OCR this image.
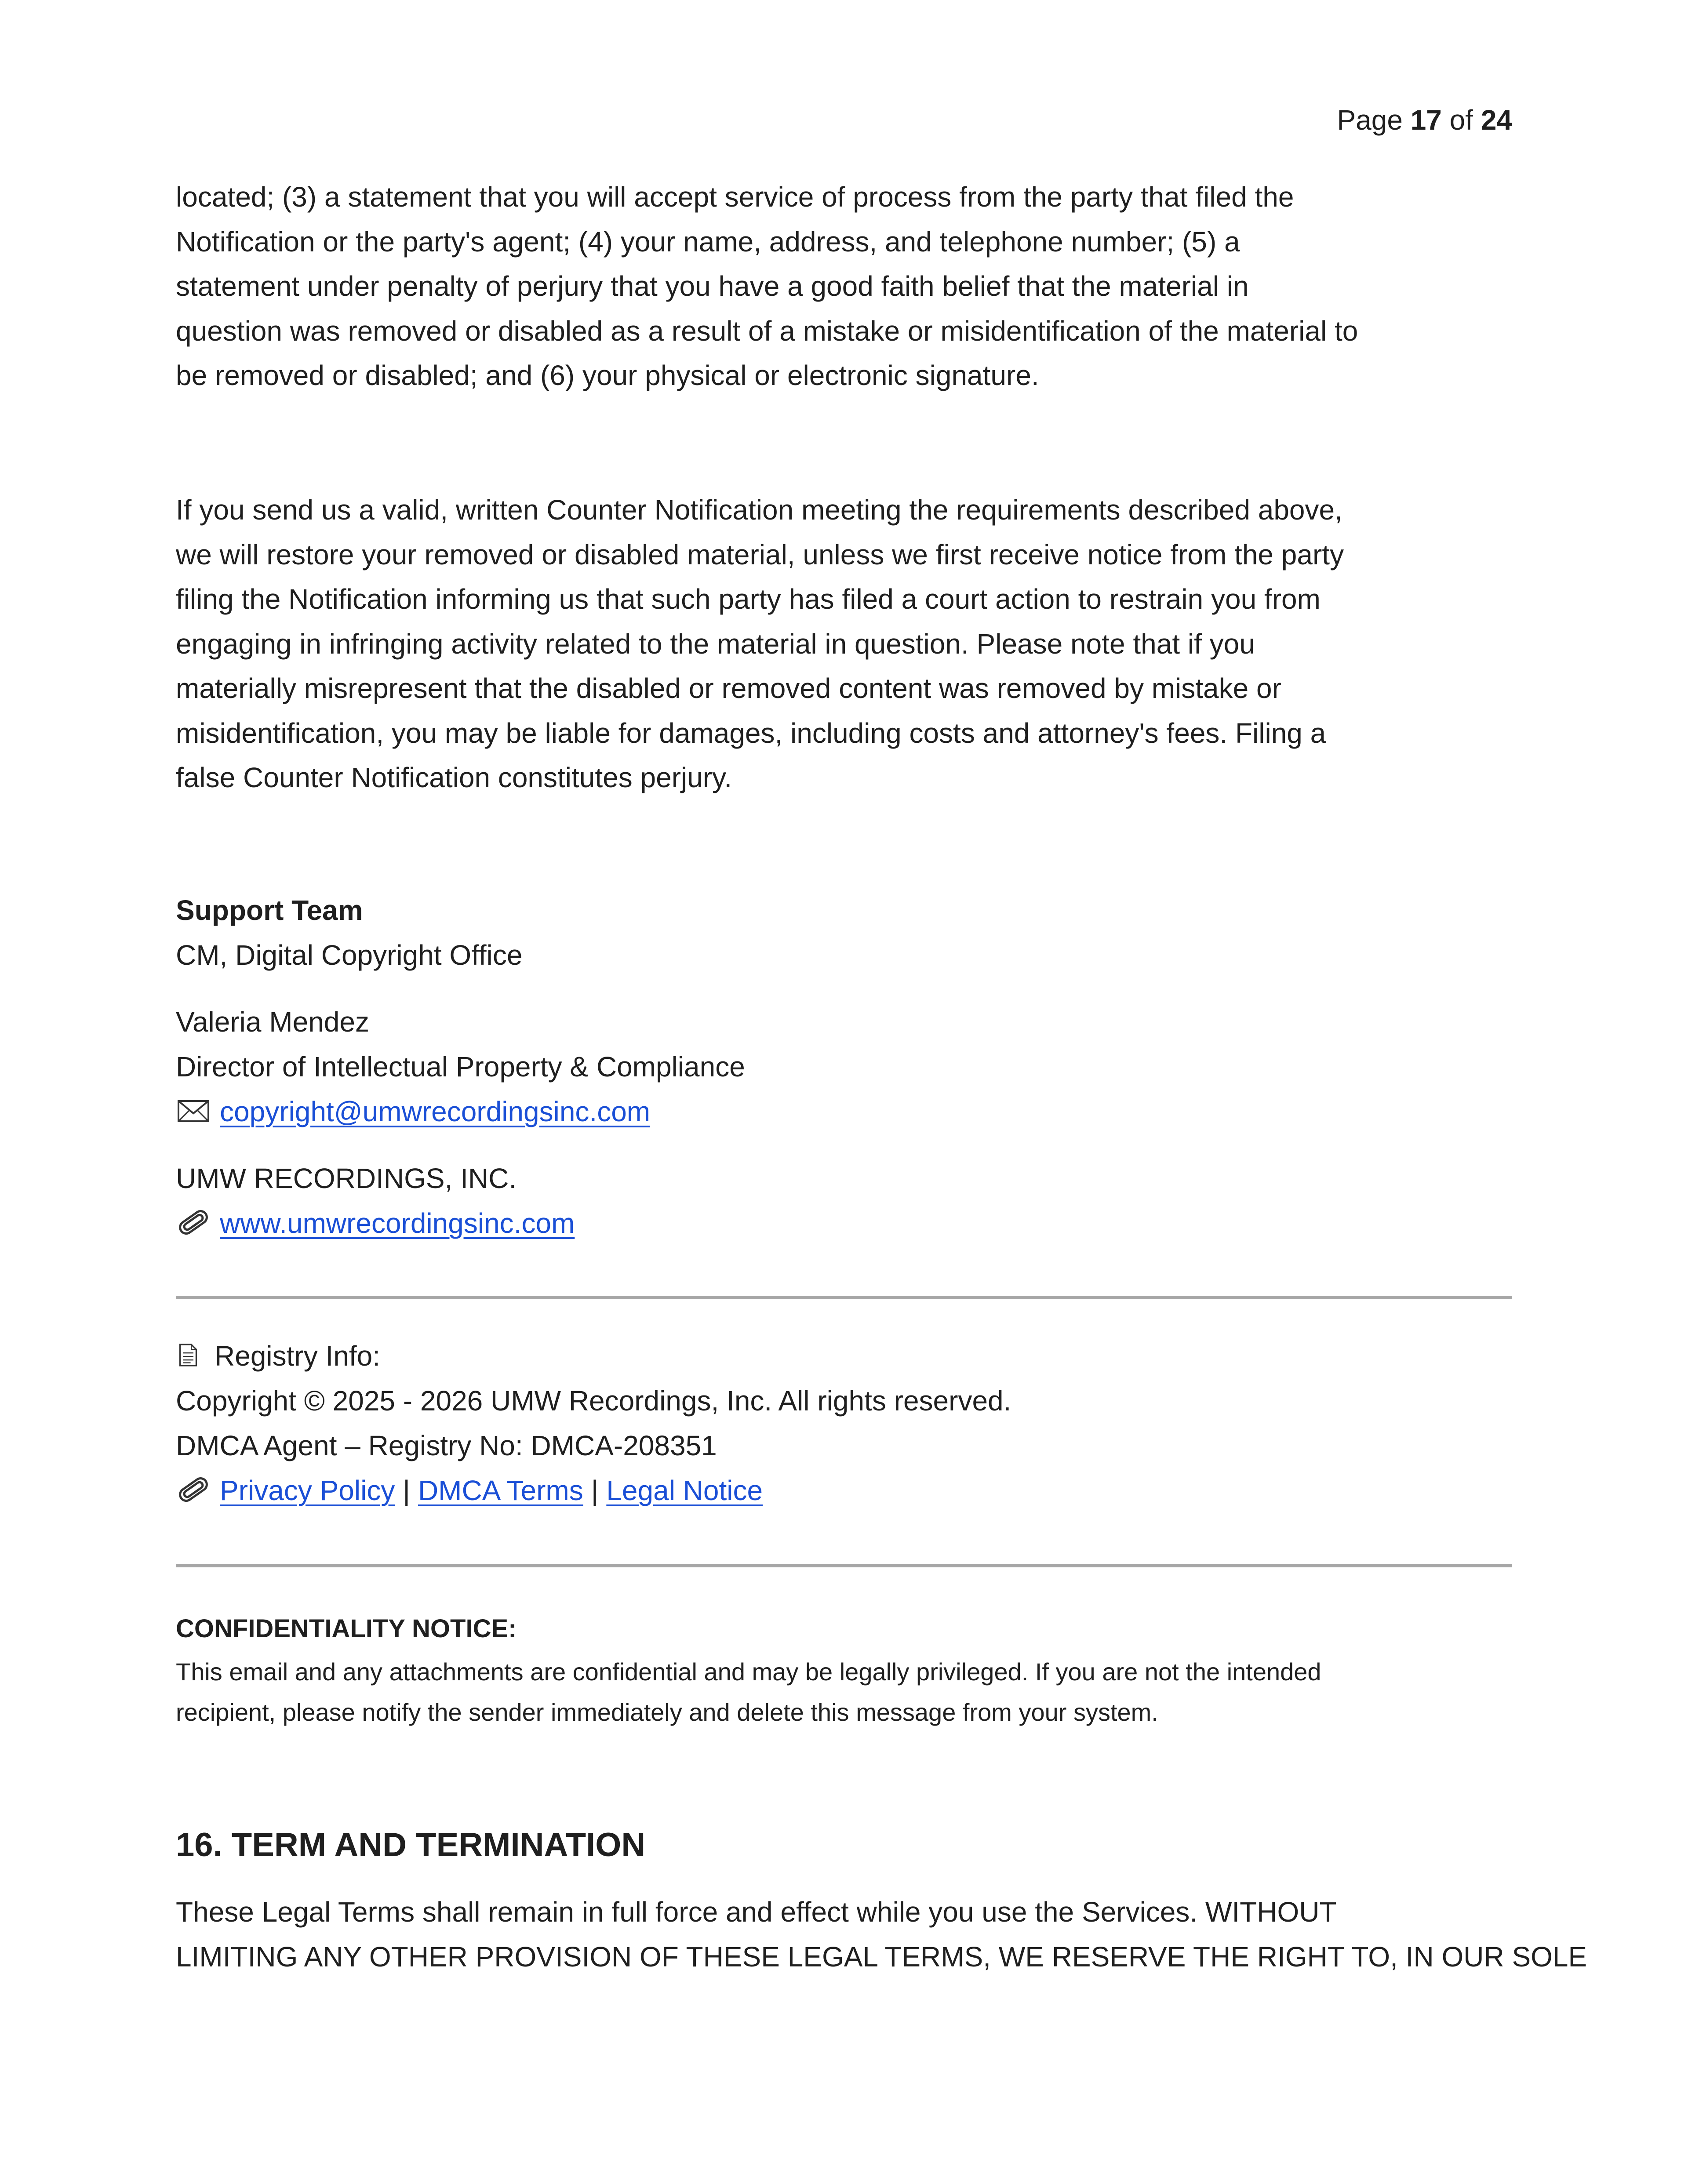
Page 17 of 24

located; (3) a statement that you will accept service of process from the party that filed the
Notification or the party's agent; (4) your name, address, and telephone number; (5) a
statement under penalty of perjury that you have a good faith belief that the material in
question was removed or disabled as a result of a mistake or misidentification of the material to
be removed or disabled; and (6) your physical or electronic signature.

If you send us a valid, written Counter Notification meeting the requirements described above,
we will restore your removed or disabled material, unless we first receive notice from the party
filing the Notification informing us that such party has filed a court action to restrain you from
engaging in infringing activity related to the material in question. Please note that if you
materially misrepresent that the disabled or removed content was removed by mistake or
misidentification, you may be liable for damages, including costs and attorney's fees. Filing a
false Counter Notification constitutes perjury.

Support Team
CM, Digital Copyright Office
Valeria Mendez
Director of Intellectual Property & Compliance
copyright@umwrecordingsinc.com
UMW RECORDINGS, INC.
www.umwrecordingsinc.com
Registry Info:
Copyright © 2025 - 2026 UMW Recordings, Inc. All rights reserved.
DMCA Agent – Registry No: DMCA-208351
Privacy Policy | DMCA Terms | Legal Notice
CONFIDENTIALITY NOTICE:

This email and any attachments are confidential and may be legally privileged. If you are not the intended
recipient, please notify the sender immediately and delete this message from your system.

16. TERM AND TERMINATION

These Legal Terms shall remain in full force and effect while you use the Services. WITHOUT
LIMITING ANY OTHER PROVISION OF THESE LEGAL TERMS, WE RESERVE THE RIGHT TO, IN OUR SOLE
